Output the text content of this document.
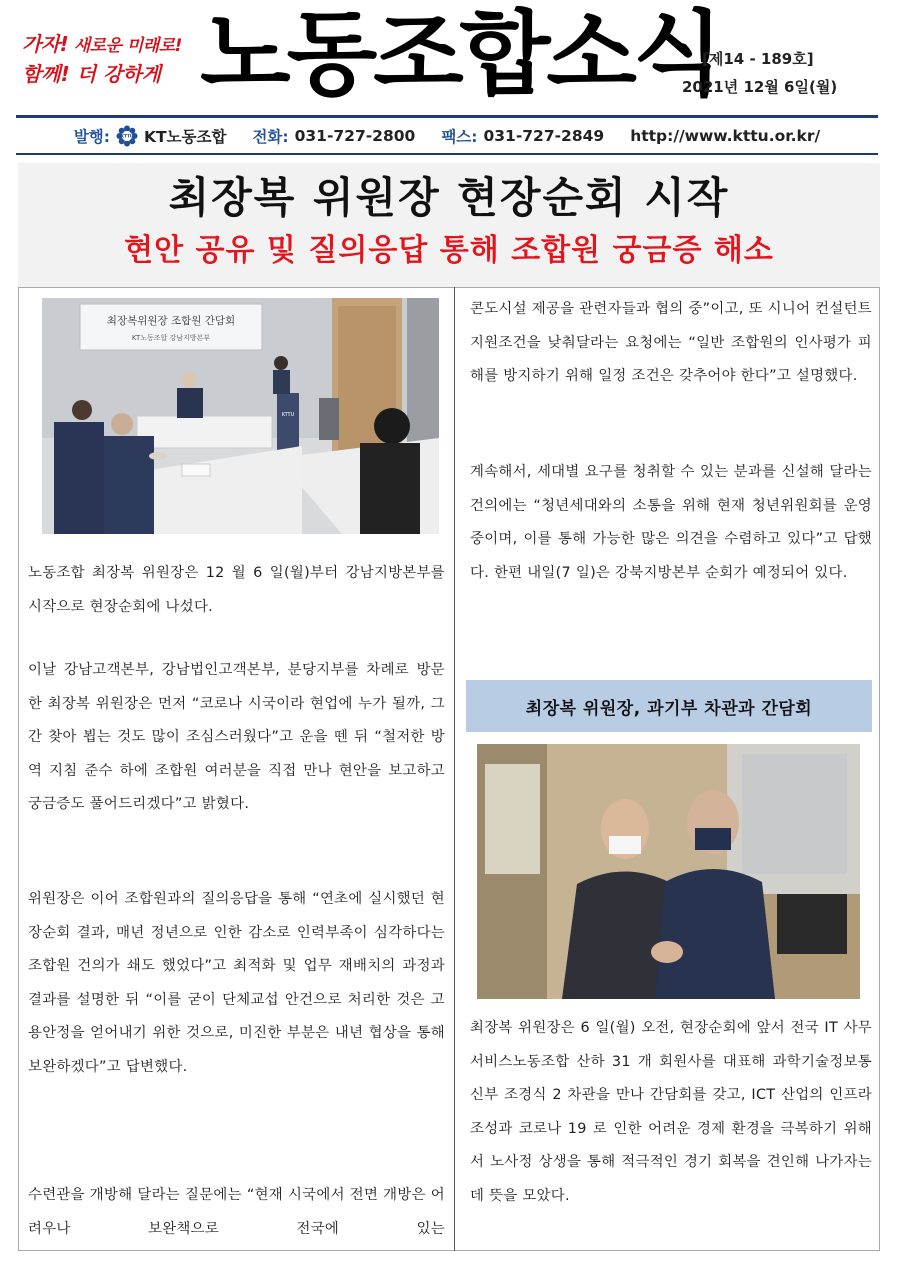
가자! 새로운 미래로!
함께! 더 강하게 노동조합소식
[제14 - 189호]
2021년 12월 6일(월)
발행:	KTTU KT노동조합 전화: 031-727-2800 팩스: 031-727-2849 http://www.kttu.or.kr/
최장복 위원장 현장순회 시작
현안 공유 및 질의응답 통해 조합원 궁금증 해소
최장복위원장 조합원 간담회
KT노동조합 강남지방본부
KTTU
노동조합 최장복 위원장은 12 월 6 일(월)부터 강남지방본부를 시작으로 현장순회에 나섰다.
이날 강남고객본부, 강남법인고객본부, 분당지부를 차례로 방문한 최장복 위원장은 먼저 “코로나 시국이라 현업에 누가 될까, 그간 찾아 뵙는 것도 많이 조심스러웠다”고 운을 뗀 뒤 “철저한 방역 지침 준수 하에 조합원 여러분을 직접 만나 현안을 보고하고 궁금증도 풀어드리겠다”고 밝혔다.
위원장은 이어 조합원과의 질의응답을 통해 “연초에 실시했던 현장순회 결과, 매년 정년으로 인한 감소로 인력부족이 심각하다는 조합원 건의가 쇄도 했었다”고 최적화 및 업무 재배치의 과정과 결과를 설명한 뒤 “이를 굳이 단체교섭 안건으로 처리한 것은 고용안정을 얻어내기 위한 것으로, 미진한 부분은 내년 협상을 통해 보완하겠다”고 답변했다.
수련관을 개방해 달라는 질문에는 “현재 시국에서 전면 개방은 어려우나 보완책으로 전국에 있는
콘도시설 제공을 관련자들과 협의 중”이고, 또 시니어 컨설턴트 지원조건을 낮춰달라는 요청에는 “일반 조합원의 인사평가 피해를 방지하기 위해 일정 조건은 갖추어야 한다”고 설명했다.
계속해서, 세대별 요구를 청취할 수 있는 분과를 신설해 달라는 건의에는 “청년세대와의 소통을 위해 현재 청년위원회를 운영 중이며, 이를 통해 가능한 많은 의견을 수렴하고 있다”고 답했다. 한편 내일(7 일)은 강북지방본부 순회가 예정되어 있다.
최장복 위원장, 과기부 차관과 간담회
최장복 위원장은 6 일(월) 오전, 현장순회에 앞서 전국 IT 사무서비스노동조합 산하 31 개 회원사를 대표해 과학기술정보통신부 조경식 2 차관을 만나 간담회를 갖고, ICT 산업의 인프라 조성과 코로나 19 로 인한 어려운 경제 환경을 극복하기 위해서 노사정 상생을 통해 적극적인 경기 회복을 견인해 나가자는 데 뜻을 모았다.
